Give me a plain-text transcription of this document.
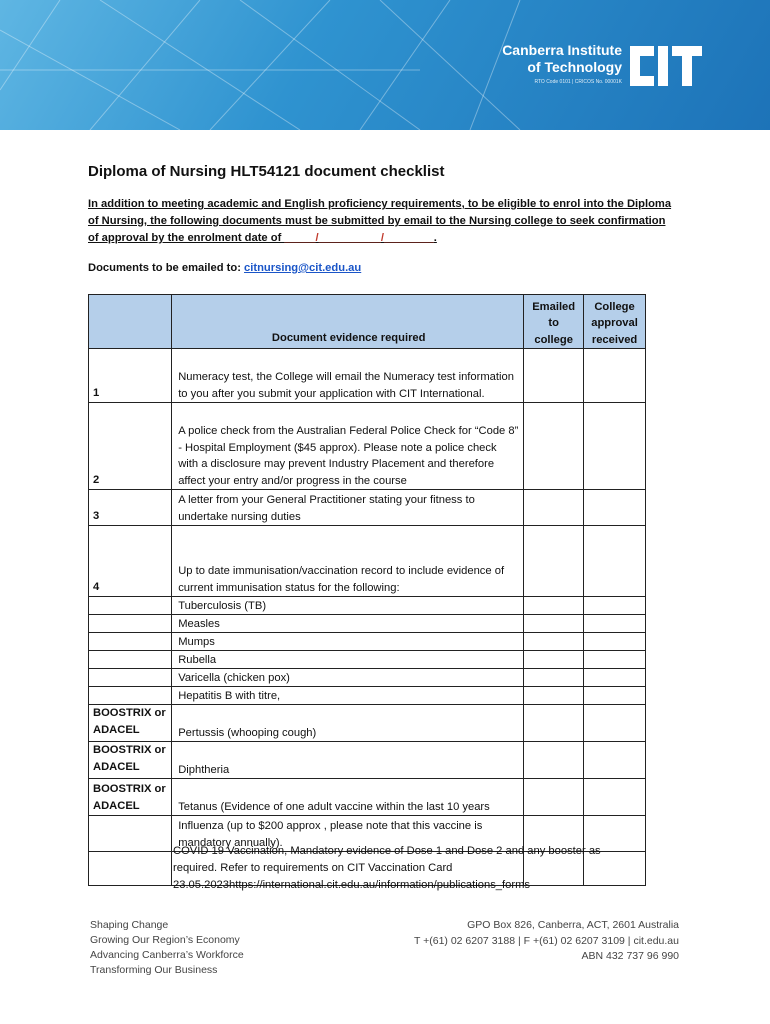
Canberra Institute
of Technology
RTO Code 0101 | CRICOS No. 00001K
Diploma of Nursing HLT54121 document checklist
In addition to meeting academic and English proficiency requirements, to be eligible to enrol into the Diploma of Nursing, the following documents must be submitted by email to the Nursing college to seek confirmation of approval by the enrolment date of _____/__________/________.
Documents to be emailed to: citnursing@cit.edu.au
	Document evidence required	Emailed to college	College approval received
1	Numeracy test, the College will email the Numeracy test information to you after you submit your application with CIT International.		
2	A police check from the Australian Federal Police Check for “Code 8” - Hospital Employment ($45 approx). Please note a police check with a disclosure may prevent Industry Placement and therefore affect your entry and/or progress in the course		
3	A letter from your General Practitioner stating your fitness to undertake nursing duties		
4	Up to date immunisation/vaccination record to include evidence of current immunisation status for the following:		
	Tuberculosis (TB)		
	Measles		
	Mumps		
	Rubella		
	Varicella (chicken pox)		
	Hepatitis B with titre,		
BOOSTRIX or ADACEL	Pertussis (whooping cough)		
BOOSTRIX or ADACEL	Diphtheria		
BOOSTRIX or ADACEL	Tetanus (Evidence of one adult vaccine within the last 10 years		
	Influenza (up to $200 approx , please note that this vaccine is mandatory annually).		

COVID 19 Vaccination, Mandatory evidence of Dose 1 and Dose 2 and any booster as required. Refer to requirements on CIT Vaccination Card 23.05.2023https://international.cit.edu.au/information/publications_forms
Shaping Change
Growing Our Region’s Economy
Advancing Canberra’s Workforce
Transforming Our Business
GPO Box 826, Canberra, ACT, 2601 Australia
T +(61) 02 6207 3188 | F +(61) 02 6207 3109 | cit.edu.au
ABN 432 737 96 990
